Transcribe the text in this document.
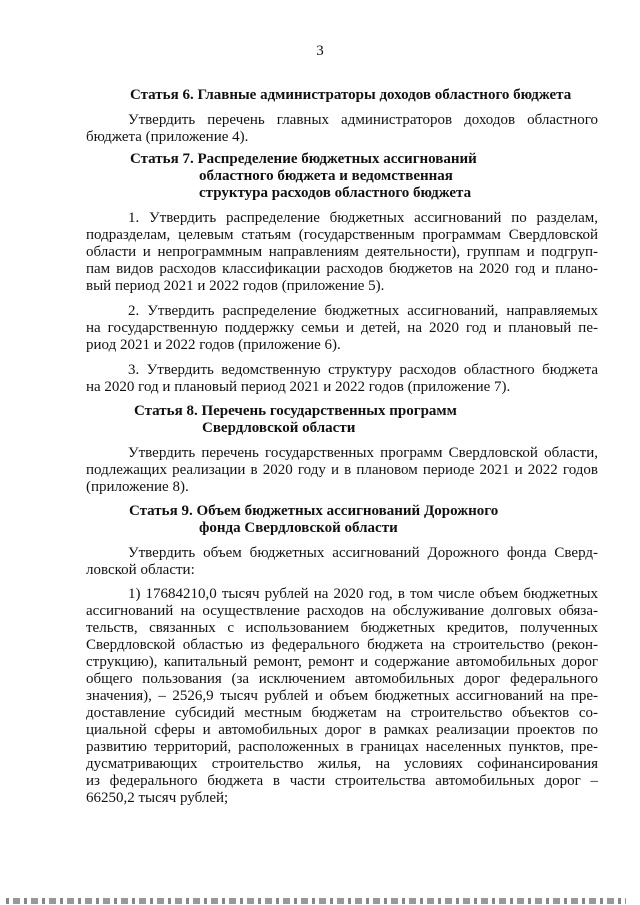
3
Статья 6. Главные администраторы доходов областного бюджета
Утвердить перечень главных администраторов доходов областного
бюджета (приложение 4).
Статья 7. Распределение бюджетных ассигнований
областного бюджета и ведомственная
структура расходов областного бюджета
1. Утвердить распределение бюджетных ассигнований по разделам,
подразделам, целевым статьям (государственным программам Свердловской
области и непрограммным направлениям деятельности), группам и подгруп-
пам видов расходов классификации расходов бюджетов на 2020 год и плано-
вый период 2021 и 2022 годов (приложение 5).
2. Утвердить распределение бюджетных ассигнований, направляемых
на государственную поддержку семьи и детей, на 2020 год и плановый пе-
риод 2021 и 2022 годов (приложение 6).
3. Утвердить ведомственную структуру расходов областного бюджета
на 2020 год и плановый период 2021 и 2022 годов (приложение 7).
Статья 8. Перечень государственных программ
Свердловской области
Утвердить перечень государственных программ Свердловской области,
подлежащих реализации в 2020 году и в плановом периоде 2021 и 2022 годов
(приложение 8).
Статья 9. Объем бюджетных ассигнований Дорожного
фонда Свердловской области
Утвердить объем бюджетных ассигнований Дорожного фонда Сверд-
ловской области:
1) 17684210,0 тысяч рублей на 2020 год, в том числе объем бюджетных
ассигнований на осуществление расходов на обслуживание долговых обяза-
тельств, связанных с использованием бюджетных кредитов, полученных
Свердловской областью из федерального бюджета на строительство (рекон-
струкцию), капитальный ремонт, ремонт и содержание автомобильных дорог
общего пользования (за исключением автомобильных дорог федерального
значения), – 2526,9 тысяч рублей и объем бюджетных ассигнований на пре-
доставление субсидий местным бюджетам на строительство объектов со-
циальной сферы и автомобильных дорог в рамках реализации проектов по
развитию территорий, расположенных в границах населенных пунктов, пре-
дусматривающих строительство жилья, на условиях софинансирования
из федерального бюджета в части строительства автомобильных дорог –
66250,2 тысяч рублей;
